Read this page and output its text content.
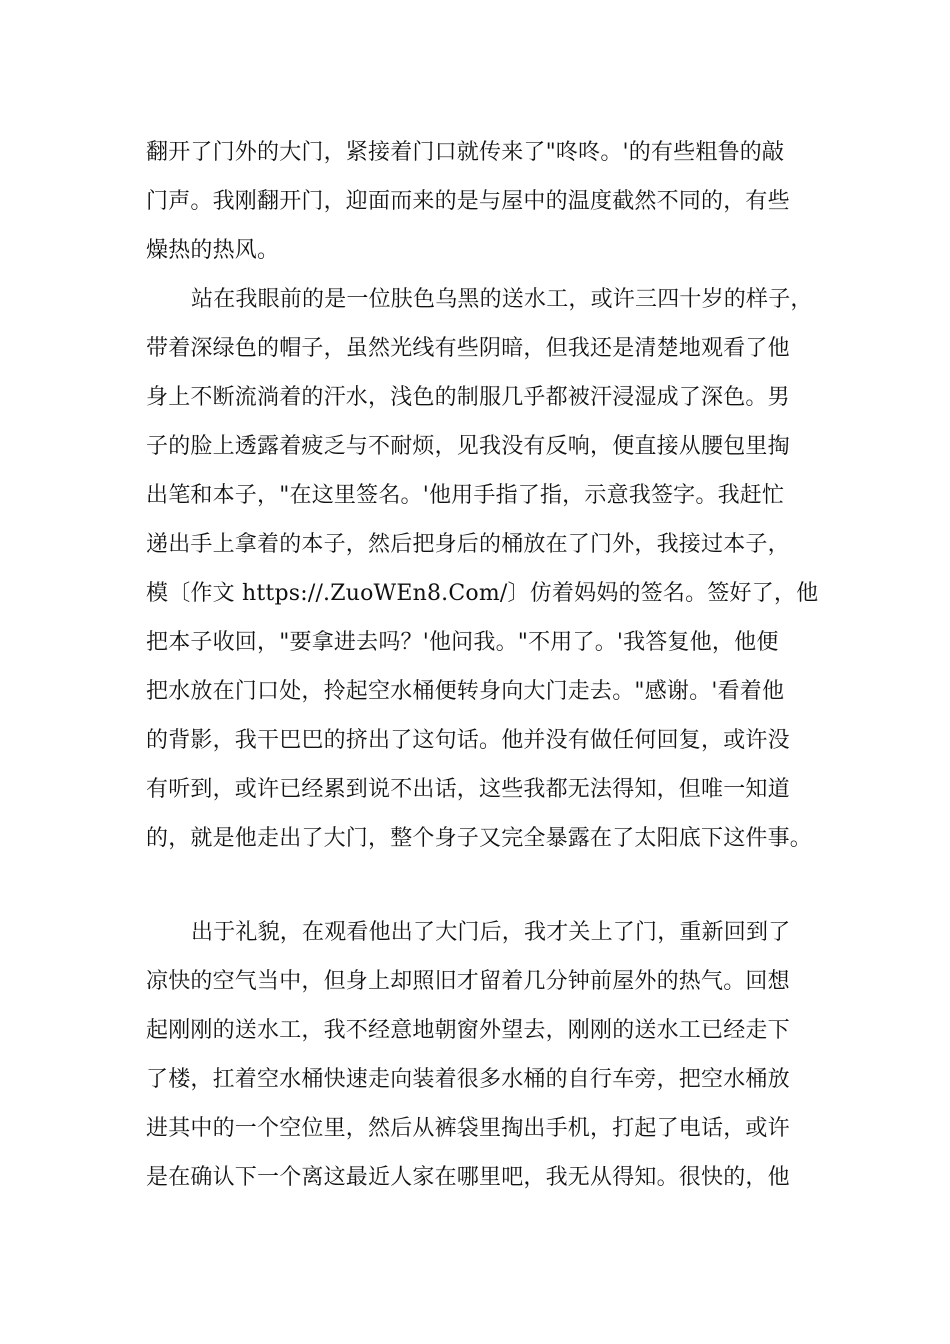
翻开了门外的大门，紧接着门口就传来了"咚咚。'的有些粗鲁的敲
门声。我刚翻开门，迎面而来的是与屋中的温度截然不同的，有些
燥热的热风。
站在我眼前的是一位肤色乌黑的送水工，或许三四十岁的样子，
带着深绿色的帽子，虽然光线有些阴暗，但我还是清楚地观看了他
身上不断流淌着的汗水，浅色的制服几乎都被汗浸湿成了深色。男
子的脸上透露着疲乏与不耐烦，见我没有反响，便直接从腰包里掏
出笔和本子，"在这里签名。'他用手指了指，示意我签字。我赶忙
递出手上拿着的本子，然后把身后的桶放在了门外，我接过本子，
模〔作文 https://.ZuoWEn8.Com/〕仿着妈妈的签名。签好了，他
把本子收回，"要拿进去吗？'他问我。"不用了。'我答复他，他便
把水放在门口处，拎起空水桶便转身向大门走去。"感谢。'看着他
的背影，我干巴巴的挤出了这句话。他并没有做任何回复，或许没
有听到，或许已经累到说不出话，这些我都无法得知，但唯一知道
的，就是他走出了大门，整个身子又完全暴露在了太阳底下这件事。
出于礼貌，在观看他出了大门后，我才关上了门，重新回到了
凉快的空气当中，但身上却照旧才留着几分钟前屋外的热气。回想
起刚刚的送水工，我不经意地朝窗外望去，刚刚的送水工已经走下
了楼，扛着空水桶快速走向装着很多水桶的自行车旁，把空水桶放
进其中的一个空位里，然后从裤袋里掏出手机，打起了电话，或许
是在确认下一个离这最近人家在哪里吧，我无从得知。很快的，他
